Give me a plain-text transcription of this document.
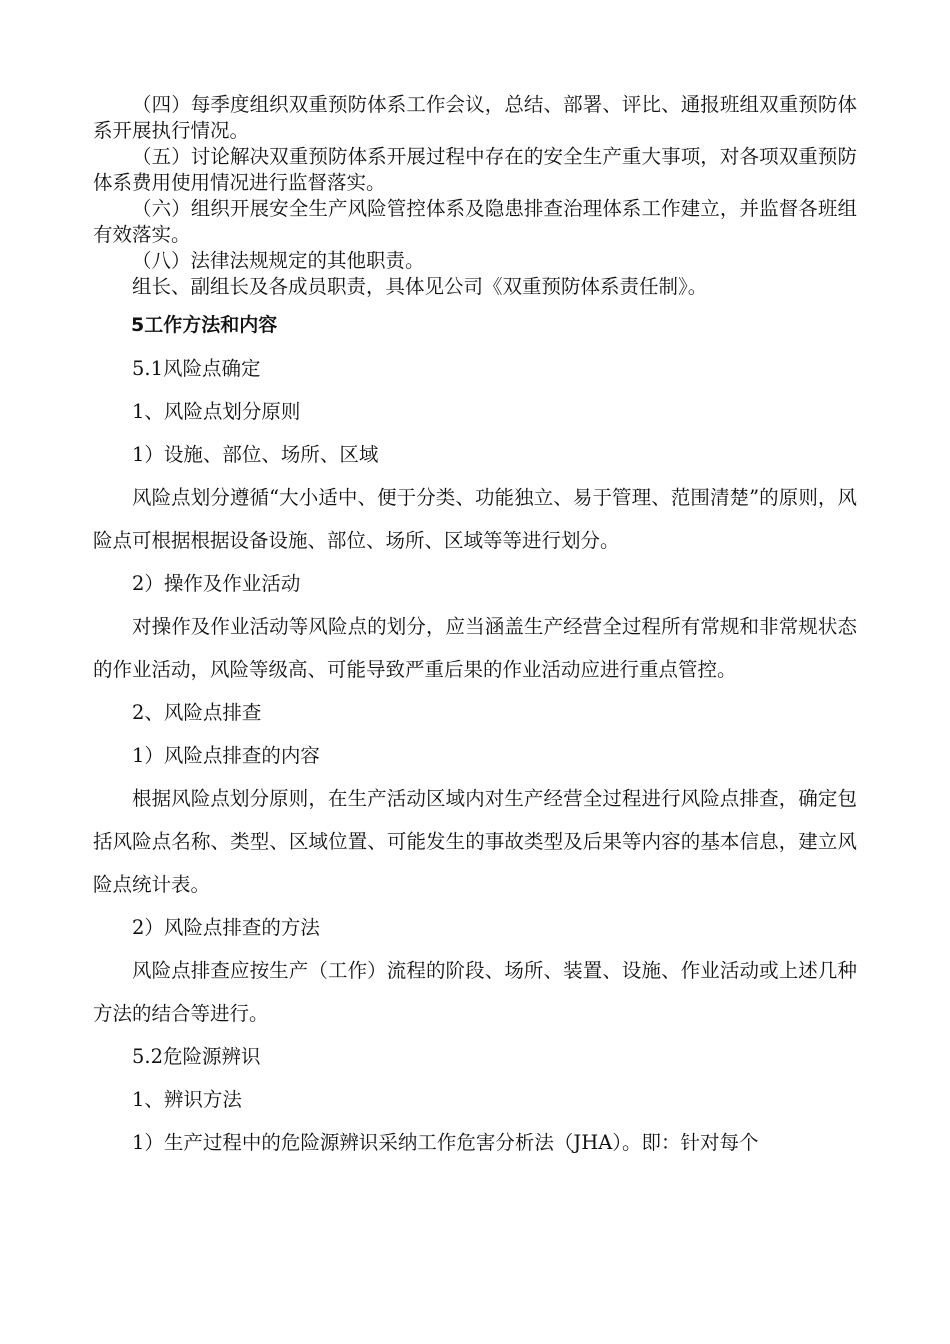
（四）每季度组织双重预防体系工作会议，总结、部署、评比、通报班组双重预防体系开展执行情况。

（五）讨论解决双重预防体系开展过程中存在的安全生产重大事项，对各项双重预防体系费用使用情况进行监督落实。

（六）组织开展安全生产风险管控体系及隐患排查治理体系工作建立，并监督各班组有效落实。

（八）法律法规规定的其他职责。

组长、副组长及各成员职责，具体见公司《双重预防体系责任制》。

5工作方法和内容

5.1风险点确定

1、风险点划分原则

1）设施、部位、场所、区域

风险点划分遵循“大小适中、便于分类、功能独立、易于管理、范围清楚”的原则，风险点可根据根据设备设施、部位、场所、区域等等进行划分。

2）操作及作业活动

对操作及作业活动等风险点的划分，应当涵盖生产经营全过程所有常规和非常规状态的作业活动，风险等级高、可能导致严重后果的作业活动应进行重点管控。

2、风险点排查

1）风险点排查的内容

根据风险点划分原则，在生产活动区域内对生产经营全过程进行风险点排查，确定包括风险点名称、类型、区域位置、可能发生的事故类型及后果等内容的基本信息，建立风险点统计表。

2）风险点排查的方法

风险点排查应按生产（工作）流程的阶段、场所、装置、设施、作业活动或上述几种方法的结合等进行。

5.2危险源辨识

1、辨识方法

1）生产过程中的危险源辨识采纳工作危害分析法（JHA）。即：针对每个
